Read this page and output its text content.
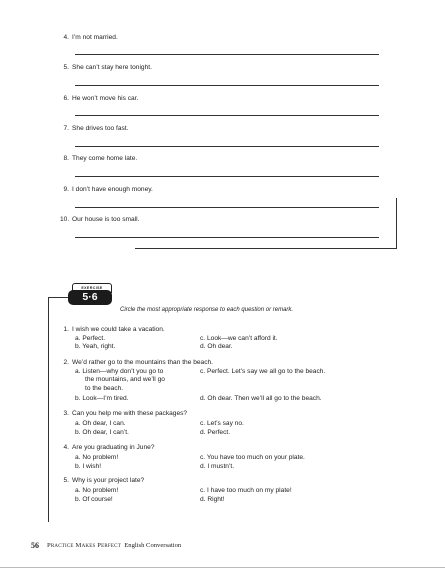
4. I’m not married.
5. She can’t stay here tonight.
6. He won’t move his car.
7. She drives too fast.
8. They come home late.
9. I don’t have enough money.
10. Our house is too small.
EXERCISE
5·6
Circle the most appropriate response to each question or remark.
1. I wish we could take a vacation.
a. Perfect.
b. Yeah, right.
c. Look—we can’t afford it.
d. Oh dear.
2. We’d rather go to the mountains than the beach.
a. Listen—why don’t you go to
the mountains, and we’ll go
to the beach.
b. Look—I’m tired.
c. Perfect. Let’s say we all go to the beach.
d. Oh dear. Then we’ll all go to the beach.
3. Can you help me with these packages?
a. Oh dear, I can.
b. Oh dear, I can’t.
c. Let’s say no.
d. Perfect.
4. Are you graduating in June?
a. No problem!
b. I wish!
c. You have too much on your plate.
d. I mustn’t.
5. Why is your project late?
a. No problem!
b. Of course!
c. I have too much on my plate!
d. Right!
56 Practice Makes Perfect English Conversation
